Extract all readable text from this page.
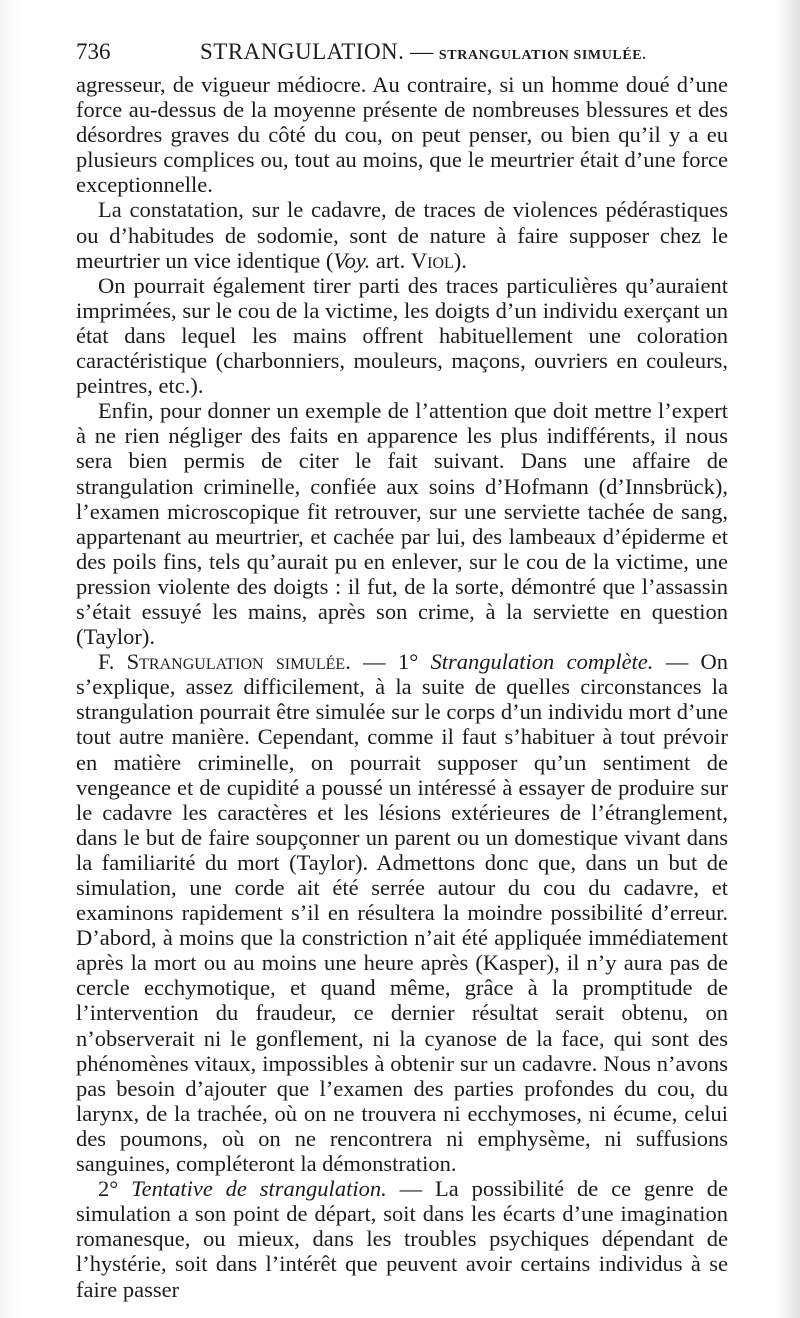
736	STRANGULATION. — STRANGULATION SIMULÉE.

agresseur, de vigueur médiocre. Au contraire, si un homme doué d’une force au-dessus de la moyenne présente de nombreuses blessures et des désordres graves du côté du cou, on peut penser, ou bien qu’il y a eu plusieurs complices ou, tout au moins, que le meurtrier était d’une force exceptionnelle.

La constatation, sur le cadavre, de traces de violences pédérastiques ou d’habitudes de sodomie, sont de nature à faire supposer chez le meurtrier un vice identique (Voy. art. Viol).

On pourrait également tirer parti des traces particulières qu’auraient imprimées, sur le cou de la victime, les doigts d’un individu exerçant un état dans lequel les mains offrent habituellement une coloration caractéristique (charbonniers, mouleurs, maçons, ouvriers en couleurs, peintres, etc.).

Enfin, pour donner un exemple de l’attention que doit mettre l’expert à ne rien négliger des faits en apparence les plus indifférents, il nous sera bien permis de citer le fait suivant. Dans une affaire de strangulation criminelle, confiée aux soins d’Hofmann (d’Innsbrück), l’examen microscopique fit retrouver, sur une serviette tachée de sang, appartenant au meurtrier, et cachée par lui, des lambeaux d’épiderme et des poils fins, tels qu’aurait pu en enlever, sur le cou de la victime, une pression violente des doigts : il fut, de la sorte, démontré que l’assassin s’était essuyé les mains, après son crime, à la serviette en question (Taylor).

F. Strangulation simulée. — 1° Strangulation complète. — On s’explique, assez difficilement, à la suite de quelles circonstances la strangulation pourrait être simulée sur le corps d’un individu mort d’une tout autre manière. Cependant, comme il faut s’habituer à tout prévoir en matière criminelle, on pourrait supposer qu’un sentiment de vengeance et de cupidité a poussé un intéressé à essayer de produire sur le cadavre les caractères et les lésions extérieures de l’étranglement, dans le but de faire soupçonner un parent ou un domestique vivant dans la familiarité du mort (Taylor). Admettons donc que, dans un but de simulation, une corde ait été serrée autour du cou du cadavre, et examinons rapidement s’il en résultera la moindre possibilité d’erreur. D’abord, à moins que la constriction n’ait été appliquée immédiatement après la mort ou au moins une heure après (Kasper), il n’y aura pas de cercle ecchymotique, et quand même, grâce à la promptitude de l’intervention du fraudeur, ce dernier résultat serait obtenu, on n’observerait ni le gonflement, ni la cyanose de la face, qui sont des phénomènes vitaux, impossibles à obtenir sur un cadavre. Nous n’avons pas besoin d’ajouter que l’examen des parties profondes du cou, du larynx, de la trachée, où on ne trouvera ni ecchymoses, ni écume, celui des poumons, où on ne rencontrera ni emphysème, ni suffusions sanguines, compléteront la démonstration.

2° Tentative de strangulation. — La possibilité de ce genre de simulation a son point de départ, soit dans les écarts d’une imagination romanesque, ou mieux, dans les troubles psychiques dépendant de l’hystérie, soit dans l’intérêt que peuvent avoir certains individus à se faire passer
